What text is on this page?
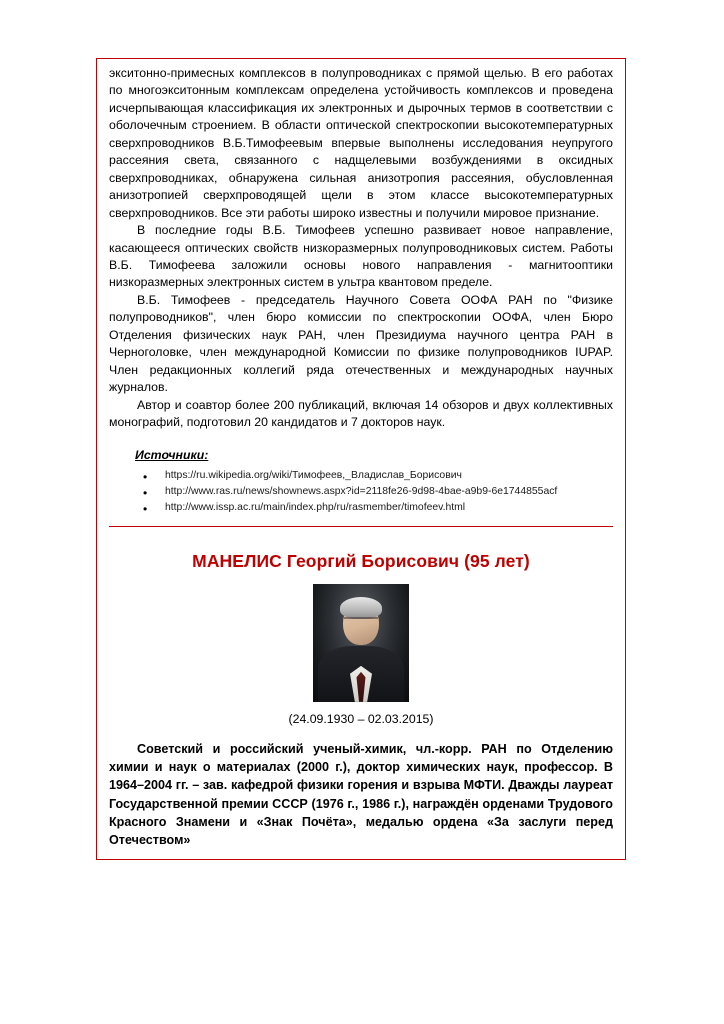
экситонно-примесных комплексов в полупроводниках с прямой щелью. В его работах по многоэкситонным комплексам определена устойчивость комплексов и проведена исчерпывающая классификация их электронных и дырочных термов в соответствии с оболочечным строением. В области оптической спектроскопии высокотемпературных сверхпроводников В.Б.Тимофеевым впервые выполнены исследования неупругого рассеяния света, связанного с надщелевыми возбуждениями в оксидных сверхпроводниках, обнаружена сильная анизотропия рассеяния, обусловленная анизотропией сверхпроводящей щели в этом классе высокотемпературных сверхпроводников. Все эти работы широко известны и получили мировое признание.

В последние годы В.Б. Тимофеев успешно развивает новое направление, касающееся оптических свойств низкоразмерных полупроводниковых систем. Работы В.Б. Тимофеева заложили основы нового направления - магнитооптики низкоразмерных электронных систем в ультра квантовом пределе.

В.Б. Тимофеев - председатель Научного Совета ООФА РАН по "Физике полупроводников", член бюро комиссии по спектроскопии ООФА, член Бюро Отделения физических наук РАН, член Президиума научного центра РАН в Черноголовке, член международной Комиссии по физике полупроводников IUPAP. Член редакционных коллегий ряда отечественных и международных научных журналов.

Автор и соавтор более 200 публикаций, включая 14 обзоров и двух коллективных монографий, подготовил 20 кандидатов и 7 докторов наук.

Источники:
• https://ru.wikipedia.org/wiki/Тимофеев,_Владислав_Борисович
• http://www.ras.ru/news/shownews.aspx?id=2118fe26-9d98-4bae-a9b9-6e1744855acf
• http://www.issp.ac.ru/main/index.php/ru/rasmember/timofeev.html
МАНЕЛИС Георгий Борисович (95 лет)
(24.09.1930 – 02.03.2015)
Советский и российский ученый-химик, чл.-корр. РАН по Отделению химии и наук о материалах (2000 г.), доктор химических наук, профессор. В 1964–2004 гг. – зав. кафедрой физики горения и взрыва МФТИ. Дважды лауреат Государственной премии СССР (1976 г., 1986 г.), награждён орденами Трудового Красного Знамени и «Знак Почёта», медалью ордена «За заслуги перед Отечеством»
